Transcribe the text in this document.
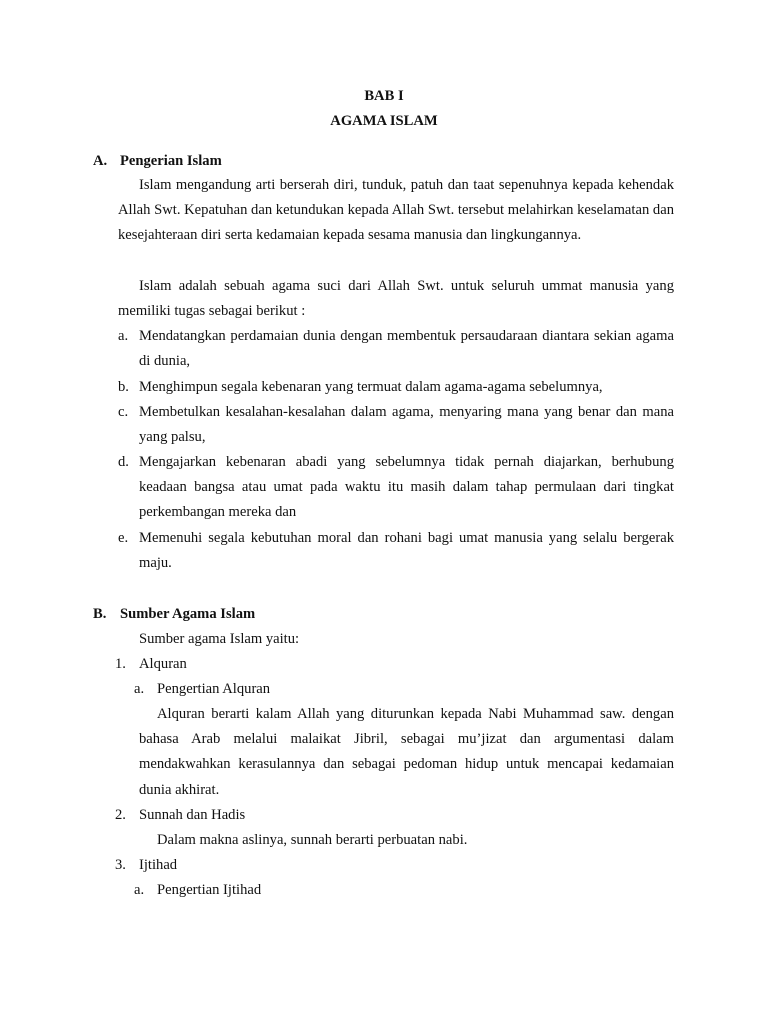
BAB I
AGAMA ISLAM
A. Pengerian Islam
Islam mengandung arti berserah diri, tunduk, patuh dan taat sepenuhnya kepada kehendak Allah Swt. Kepatuhan dan ketundukan kepada Allah Swt. tersebut melahirkan keselamatan dan kesejahteraan diri serta kedamaian kepada sesama manusia dan lingkungannya.
Islam adalah sebuah agama suci dari Allah Swt. untuk seluruh ummat manusia yang memiliki tugas sebagai berikut :
a. Mendatangkan perdamaian dunia dengan membentuk persaudaraan diantara sekian agama di dunia,
b. Menghimpun segala kebenaran yang termuat dalam agama-agama sebelumnya,
c. Membetulkan kesalahan-kesalahan dalam agama, menyaring mana yang benar dan mana yang palsu,
d. Mengajarkan kebenaran abadi yang sebelumnya tidak pernah diajarkan, berhubung keadaan bangsa atau umat pada waktu itu masih dalam tahap permulaan dari tingkat perkembangan mereka dan
e. Memenuhi segala kebutuhan moral dan rohani bagi umat manusia yang selalu bergerak maju.
B. Sumber Agama Islam
Sumber agama Islam yaitu:
1. Alquran
a. Pengertian Alquran
Alquran berarti kalam Allah yang diturunkan kepada Nabi Muhammad saw. dengan bahasa Arab melalui malaikat Jibril, sebagai mu’jizat dan argumentasi dalam mendakwahkan kerasulannya dan sebagai pedoman hidup untuk mencapai kedamaian dunia akhirat.
2. Sunnah dan Hadis
Dalam makna aslinya, sunnah berarti perbuatan nabi.
3. Ijtihad
a. Pengertian Ijtihad
